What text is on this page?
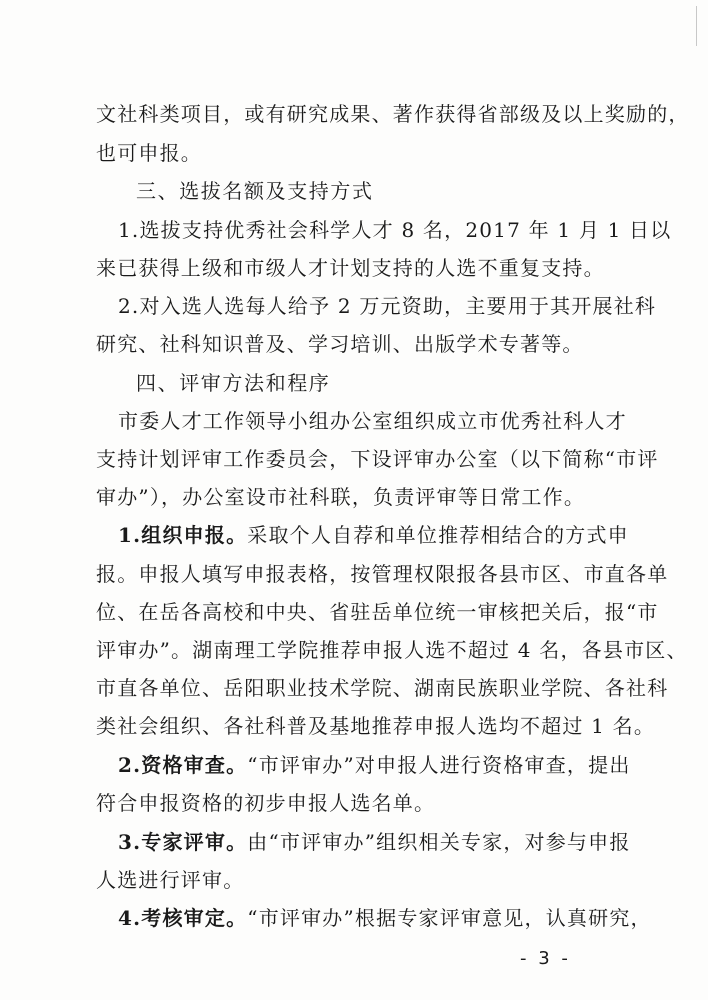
文社科类项目，或有研究成果、著作获得省部级及以上奖励的，
也可申报。
三、选拔名额及支持方式
1.选拔支持优秀社会科学人才 8 名，2017 年 1 月 1 日以
来已获得上级和市级人才计划支持的人选不重复支持。
2.对入选人选每人给予 2 万元资助，主要用于其开展社科
研究、社科知识普及、学习培训、出版学术专著等。
四、评审方法和程序
市委人才工作领导小组办公室组织成立市优秀社科人才
支持计划评审工作委员会，下设评审办公室（以下简称“市评
审办”），办公室设市社科联，负责评审等日常工作。
1.组织申报。采取个人自荐和单位推荐相结合的方式申
报。申报人填写申报表格，按管理权限报各县市区、市直各单
位、在岳各高校和中央、省驻岳单位统一审核把关后，报“市
评审办”。湖南理工学院推荐申报人选不超过 4 名，各县市区、
市直各单位、岳阳职业技术学院、湖南民族职业学院、各社科
类社会组织、各社科普及基地推荐申报人选均不超过 1 名。
2.资格审查。“市评审办”对申报人进行资格审查，提出
符合申报资格的初步申报人选名单。
3.专家评审。由“市评审办”组织相关专家，对参与申报
人选进行评审。
4.考核审定。“市评审办”根据专家评审意见，认真研究，
- 3 -
